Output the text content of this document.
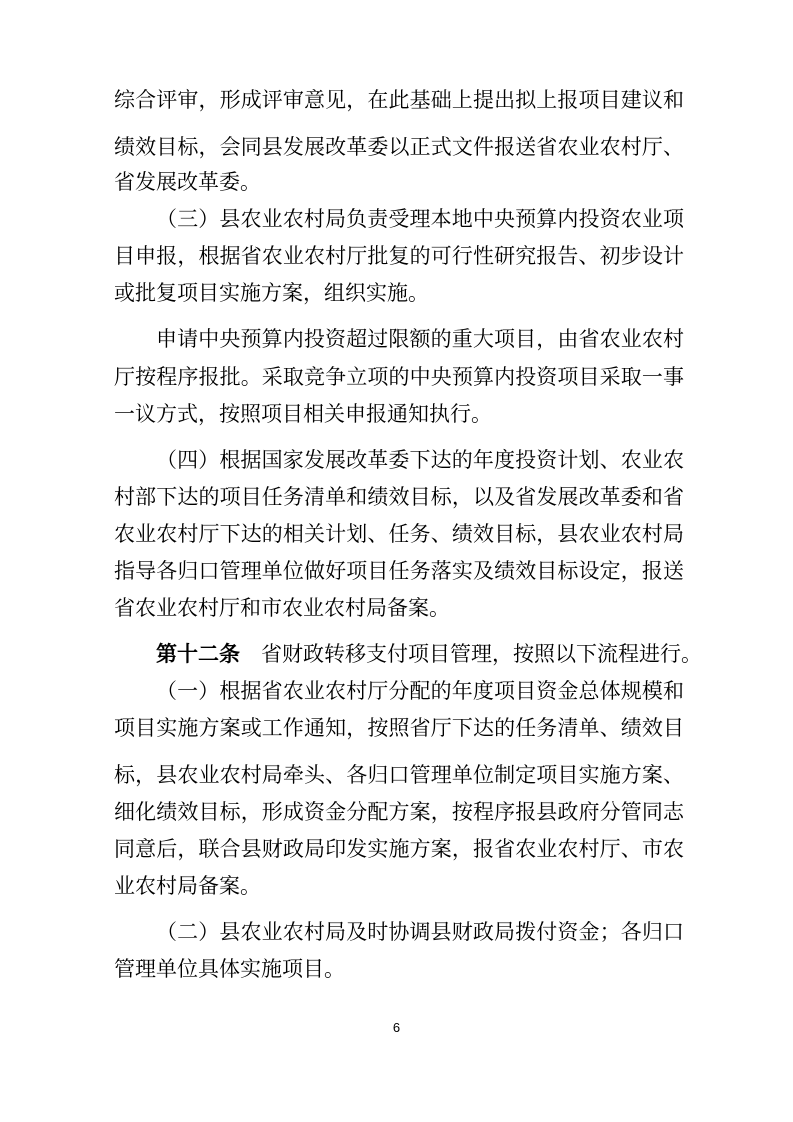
综合评审，形成评审意见，在此基础上提出拟上报项目建议和
绩效目标，会同县发展改革委以正式文件报送省农业农村厅、
省发展改革委。
（三）县农业农村局负责受理本地中央预算内投资农业项
目申报，根据省农业农村厅批复的可行性研究报告、初步设计
或批复项目实施方案，组织实施。
申请中央预算内投资超过限额的重大项目，由省农业农村
厅按程序报批。采取竞争立项的中央预算内投资项目采取一事
一议方式，按照项目相关申报通知执行。
（四）根据国家发展改革委下达的年度投资计划、农业农
村部下达的项目任务清单和绩效目标，以及省发展改革委和省
农业农村厅下达的相关计划、任务、绩效目标，县农业农村局
指导各归口管理单位做好项目任务落实及绩效目标设定，报送
省农业农村厅和市农业农村局备案。
第十二条　 省财政转移支付项目管理，按照以下流程进行。
（一）根据省农业农村厅分配的年度项目资金总体规模和
项目实施方案或工作通知，按照省厅下达的任务清单、绩效目
标，县农业农村局牵头、各归口管理单位制定项目实施方案、
细化绩效目标，形成资金分配方案，按程序报县政府分管同志
同意后，联合县财政局印发实施方案，报省农业农村厅、市农
业农村局备案。
（二）县农业农村局及时协调县财政局拨付资金；各归口
管理单位具体实施项目。
6
